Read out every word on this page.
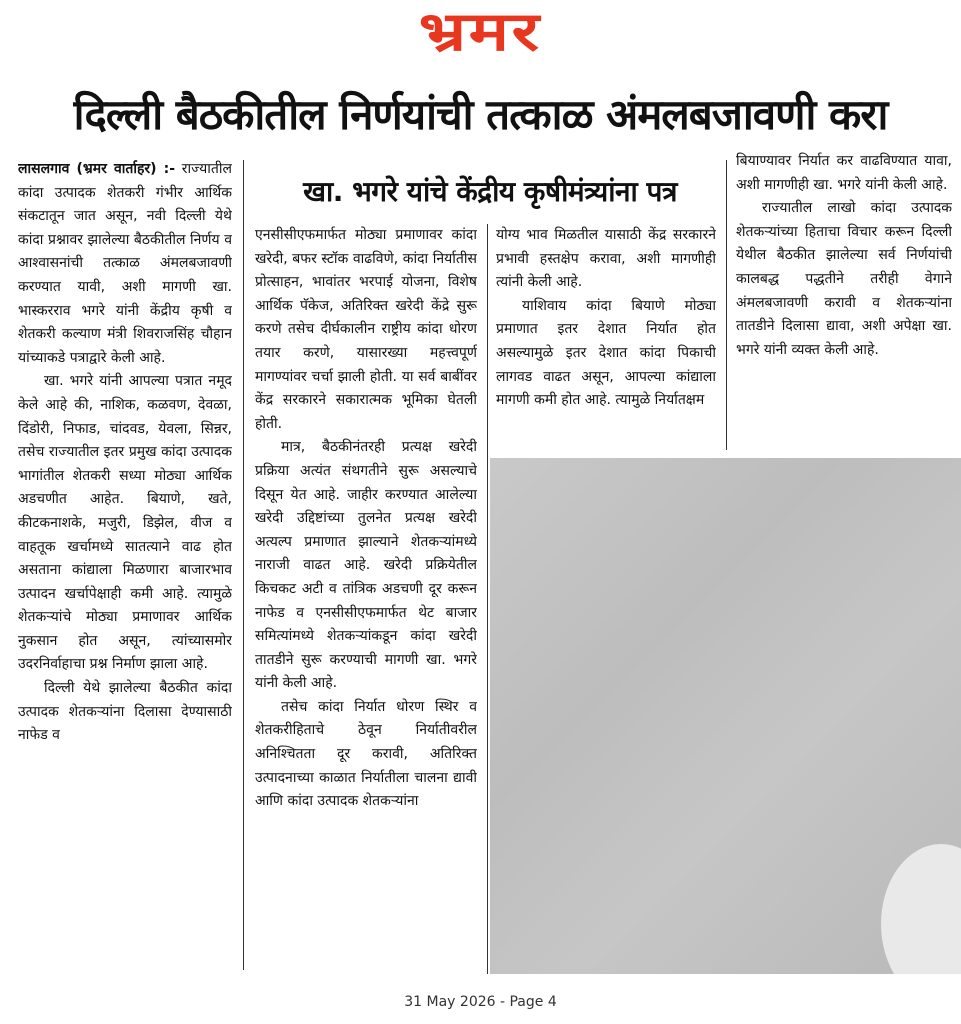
भ्रमर
दिल्ली बैठकीतील निर्णयांची तत्काळ अंमलबजावणी करा
खा. भगरे यांचे केंद्रीय कृषीमंत्र्यांना पत्र

लासलगाव (भ्रमर वार्ताहर) :- राज्यातील कांदा उत्पादक शेतकरी गंभीर आर्थिक संकटातून जात असून, नवी दिल्ली येथे कांदा प्रश्नावर झालेल्या बैठकीतील निर्णय व आश्वासनांची तत्काळ अंमलबजावणी करण्यात यावी, अशी मागणी खा. भास्करराव भगरे यांनी केंद्रीय कृषी व शेतकरी कल्याण मंत्री शिवराजसिंह चौहान यांच्याकडे पत्राद्वारे केली आहे.

खा. भगरे यांनी आपल्या पत्रात नमूद केले आहे की, नाशिक, कळवण, देवळा, दिंडोरी, निफाड, चांदवड, येवला, सिन्नर, तसेच राज्यातील इतर प्रमुख कांदा उत्पादक भागांतील शेतकरी सध्या मोठ्या आर्थिक अडचणीत आहेत. बियाणे, खते, कीटकनाशके, मजुरी, डिझेल, वीज व वाहतूक खर्चामध्ये सातत्याने वाढ होत असताना कांद्याला मिळणारा बाजारभाव उत्पादन खर्चापेक्षाही कमी आहे. त्यामुळे शेतकऱ्यांचे मोठ्या प्रमाणावर आर्थिक नुकसान होत असून, त्यांच्यासमोर उदरनिर्वाहाचा प्रश्न निर्माण झाला आहे.

दिल्ली येथे झालेल्या बैठकीत कांदा उत्पादक शेतकऱ्यांना दिलासा देण्यासाठी नाफेड व

एनसीसीएफमार्फत मोठ्या प्रमाणावर कांदा खरेदी, बफर स्टॉक वाढविणे, कांदा निर्यातीस प्रोत्साहन, भावांतर भरपाई योजना, विशेष आर्थिक पॅकेज, अतिरिक्त खरेदी केंद्रे सुरू करणे तसेच दीर्घकालीन राष्ट्रीय कांदा धोरण तयार करणे, यासारख्या महत्त्वपूर्ण मागण्यांवर चर्चा झाली होती. या सर्व बाबींवर केंद्र सरकारने सकारात्मक भूमिका घेतली होती.

मात्र, बैठकीनंतरही प्रत्यक्ष खरेदी प्रक्रिया अत्यंत संथगतीने सुरू असल्याचे दिसून येत आहे. जाहीर करण्यात आलेल्या खरेदी उद्दिष्टांच्या तुलनेत प्रत्यक्ष खरेदी अत्यल्प प्रमाणात झाल्याने शेतकऱ्यांमध्ये नाराजी वाढत आहे. खरेदी प्रक्रियेतील किचकट अटी व तांत्रिक अडचणी दूर करून नाफेड व एनसीसीएफमार्फत थेट बाजार समित्यांमध्ये शेतकऱ्यांकडून कांदा खरेदी तातडीने सुरू करण्याची मागणी खा. भगरे यांनी केली आहे.

तसेच कांदा निर्यात धोरण स्थिर व शेतकरीहिताचे ठेवून निर्यातीवरील अनिश्चितता दूर करावी, अतिरिक्त उत्पादनाच्या काळात निर्यातीला चालना द्यावी आणि कांदा उत्पादक शेतकऱ्यांना

योग्य भाव मिळतील यासाठी केंद्र सरकारने प्रभावी हस्तक्षेप करावा, अशी मागणीही त्यांनी केली आहे.

याशिवाय कांदा बियाणे मोठ्या प्रमाणात इतर देशात निर्यात होत असल्यामुळे इतर देशात कांदा पिकाची लागवड वाढत असून, आपल्या कांद्याला मागणी कमी होत आहे. त्यामुळे निर्यातक्षम

बियाण्यावर निर्यात कर वाढविण्यात यावा, अशी मागणीही खा. भगरे यांनी केली आहे.

राज्यातील लाखो कांदा उत्पादक शेतकऱ्यांच्या हिताचा विचार करून दिल्ली येथील बैठकीत झालेल्या सर्व निर्णयांची कालबद्ध पद्धतीने तरीही वेगाने अंमलबजावणी करावी व शेतकऱ्यांना तातडीने दिलासा द्यावा, अशी अपेक्षा खा. भगरे यांनी व्यक्त केली आहे.

31 May 2026 - Page 4
